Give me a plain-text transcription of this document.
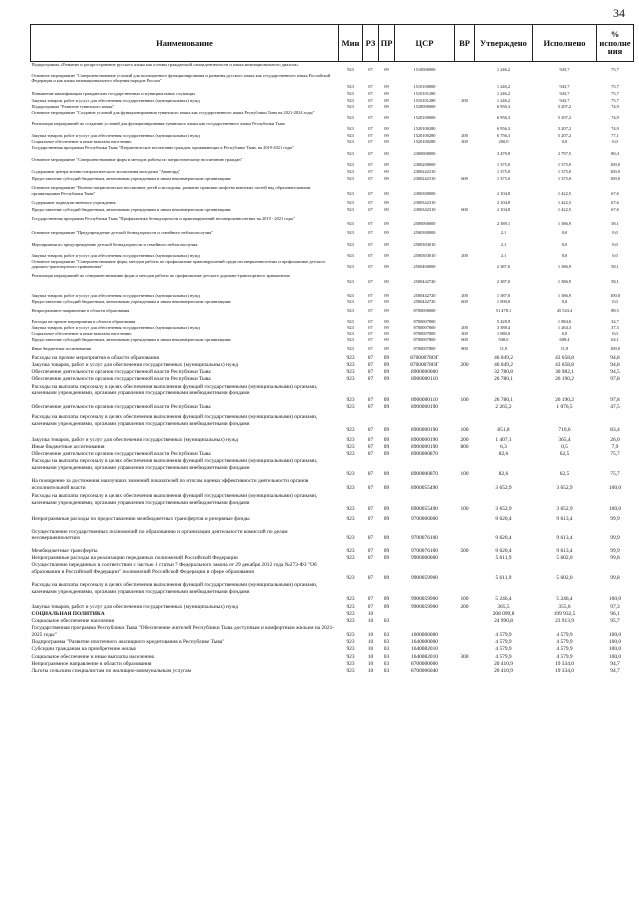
34
Наименование	Мин	РЗ	ПР	ЦСР	ВР	Утверждено	Исполнено	% исполне ния
Подпрограмма «Развитие и распространение русского языка как основы гражданской самоидентичности и языка межнационального диалога»	923	07	09	1510000000		1 246,2	943,7	75,7
Основное мероприятие "Совершенствование условий для полноценного функционирования и развития русского языка как государственного языка Российской Федерации и как языка межнационального общения народов России"	923	07	09	1510100000		1 246,2	943,7	75,7
Повышение квалификации гражданских государственных и муниципальных служащих	923	07	09	1510101280		1 246,2	943,7	75,7
Закупка товаров, работ и услуг для обеспечения государственных (муниципальных) нужд	923	07	09	1510101280	200	1 246,2	943,7	75,7
Подпрограмма "Развитие тувинского языка"	923	07	09	1520000000		6 956,3	5 207,2	74,9
Основное мероприятие "Создание условий для функционирования тувинского языка как государственного языка Республики Тыва на 2021-2024 годы"	923	07	09	1520100000		6 956,3	5 207,2	74,9
Реализация мероприятий по созданию условий для функционирования тувинского языка как государственного языка Республики Тыва	923	07	09	1520100280		6 956,3	5 207,2	74,9
Закупка товаров, работ и услуг для обеспечения государственных (муниципальных) нужд	923	07	09	1520100280	200	6 756,3	5 207,2	77,1
Социальное обеспечение и иные выплаты населению	923	07	09	1520100280	300	200,0	0,0	0,0
Государственная программа Республики Тыва "Патриотическое воспитание граждан, проживающих в Республике Тыва, на 2019-2021 годы"	923	07	09	2300000000		3 479,8	2 797,5	80,4
Основное мероприятие "Совершенствование форм и методов работы по патриотическому воспитанию граждан"	923	07	09	2300200000		1 375,0	1 375,0	100,0
Содержание центра военно-патриотического воспитания молодежи "Авангард"	923	07	09	2300242310		1 375,0	1 375,0	100,0
Предоставление субсидий бюджетным, автономным учреждениям и иным некоммерческим организациям	923	07	09	2300242310	600	1 375,0	1 375,0	100,0
Основное мероприятие "Военно-патриотическое воспитание детей и молодежи, развитие практики шефства воинских частей над образовательными организациями Республики Тыва"	923	07	09	2300300000		2 104,8	1 422,5	67,6
Содержание подведомственного учреждения	923	07	09	2300342310		2 104,8	1 422,5	67,6
Предоставление субсидий бюджетным, автономным учреждениям и иным некоммерческим организациям	923	07	09	2300342310	600	2 104,8	1 422,5	67,6
Государственная программа Республики Тыва "Профилактика безнадзорности и правонарушений несовершеннолетних на 2019 - 2021 годы"	923	07	09	2500000000		2 389,1	1 386,9	58,1
Основное мероприятие "Предупреждение детской безнадзорности и семейного неблагополучия"	923	07	09	2500300000		2,1	0,0	0,0
Мероприятия по предупреждению детской безнадзорности и семейного неблагополучия	923	07	09	2500303010		2,1	0,0	0,0
Закупка товаров, работ и услуг для обеспечения государственных (муниципальных) нужд	923	07	09	2500303010	200	2,1	0,0	0,0
Основное мероприятие "Совершенствование форм, методов работы по профилактике правонарушений среди несовершеннолетних и профилактике детского дорожно-транспортного травматизма"	923	07	09	2500400000		2 387,0	1 386,9	58,1
Реализация мероприятий по совершенствованию форм и методов работы по профилактике детского дорожно-транспортного травматизма	923	07	09	2500442720		2 387,0	1 386,9	58,1
Закупка товаров, работ и услуг для обеспечения государственных (муниципальных) нужд	923	07	09	2500442720	200	1 387,0	1 386,9	100,0
Предоставление субсидий бюджетным, автономным учреждениям и иным некоммерческим организациям	923	07	09	2500442720	600	1 000,0	0,0	0,0
Непрограммное направление в области образования	923	07	09	8700000000		51 478,1	45 543,4	88,5
Расходы на прочие мероприятия в области образования	923	07	09	8700007800		5 428,9	1 884,6	34,7
Закупка товаров, работ и услуг для обеспечения государственных (муниципальных) нужд	923	07	09	8700007800	200	3 388,4	1 264,3	37,3
Социальное обеспечение и иные выплаты населению	923	07	09	8700007800	300	1 080,0	0,0	0,0
Предоставление субсидий бюджетным, автономным учреждениям и иным некоммерческим организациям	923	07	09	8700007800	600	948,6	608,4	64,1
Иные бюджетные ассигнования	923	07	09	8700007800	800	11,9	11,9	100,0
Расходы на прочие мероприятия в области образования	923	07	09	87000078ОГ		46 049,2	43 658,8	94,8
Закупка товаров, работ и услуг для обеспечения государственных (муниципальных) нужд	923	07	09	87000078ОГ	200	46 049,2	43 658,8	94,8
Обеспечение деятельности органов государственной власти Республики Тыва	923	07	09	8900000000		32 780,8	30 982,1	94,5
Обеспечение деятельности органов государственной власти Республики Тыва	923	07	09	8900000110		26 780,1	26 190,2	97,8
Расходы на выплаты персоналу в целях обеспечения выполнения функций государственными (муниципальными) органами, казенными учреждениями, органами управления государственными внебюджетными фондами	923	07	09	8900000110	100	26 780,1	26 190,2	97,8
Обеспечение деятельности органов государственной власти Республики Тыва	923	07	09	8900000190		2 265,2	1 076,5	47,5
Расходы на выплаты персоналу в целях обеспечения выполнения функций государственными (муниципальными) органами, казенными учреждениями, органами управления государственными внебюджетными фондами	923	07	09	8900000190	100	851,8	710,6	83,4
Закупка товаров, работ и услуг для обеспечения государственных (муниципальных) нужд	923	07	09	8900000190	200	1 407,1	365,4	26,0
Иные бюджетные ассигнования	923	07	09	8900000190	800	6,3	0,5	7,9
Обеспечение деятельности органов государственной власти Республики Тыва	923	07	09	8900000870		82,6	62,5	75,7
Расходы на выплаты персоналу в целях обеспечения выполнения функций государственными (муниципальными) органами, казенными учреждениями, органами управления государственными внебюджетными фондами	923	07	09	8900000870	100	82,6	62,5	75,7
На поощрение за достижения наилучших значений показателей по итогам оценки эффективности деятельности органов исполнительной власти	923	07	09	8900055490		3 652,9	3 652,9	100,0
Расходы на выплаты персоналу в целях обеспечения выполнения функций государственными (муниципальными) органами, казенными учреждениями, органами управления государственными внебюджетными фондами	923	07	09	8900055490	100	3 652,9	3 652,9	100,0
Непрограммные расходы по предоставлению межбюджетных трансфертов и резервные фонды	923	07	09	9700000000		9 620,4	9 613,4	99,9
Осуществление государственных полномочий по образованию и организации деятельности комиссий по делам несовершеннолетних	923	07	09	9700076100		9 620,4	9 613,4	99,9
Межбюджетные трансферты	923	07	09	9700076100	500	9 620,4	9 613,4	99,9
Непрограммные расходы на реализацию переданных полномочий Российской Федерации	923	07	09	9900000000		5 611,9	5 602,0	99,8
Осуществление переданных в соответствии с частью 1 статьи 7 Федерального закона от 29 декабря 2012 года №273-ФЗ "Об образовании в Российской Федерации" полномочий Российской Федерации в сфере образования	923	07	09	9900059900		5 611,9	5 602,0	99,8
Расходы на выплаты персоналу в целях обеспечения выполнения функций государственными (муниципальными) органами, казенными учреждениями, органами управления государственными внебюджетными фондами	923	07	09	9900059900	100	5 246,4	5 246,4	100,0
Закупка товаров, работ и услуг для обеспечения государственных (муниципальных) нужд	923	07	09	9900059900	200	365,5	355,6	97,3
СОЦИАЛЬНАЯ ПОЛИТИКА	923	10				208 099,8	199 932,5	96,1
Социальное обеспечение населения	923	10	03			24 990,8	23 913,9	95,7
Государственная программа Республики Тыва "Обеспечение жителей Республики Тыва доступным и комфортным жильем на 2021-2025 годы"	923	10	03	1600000000		4 579,9	4 579,9	100,0
Подпрограмма "Развитие ипотечного жилищного кредитования в Республике Тыва"	923	10	03	1640000000		4 579,9	4 579,9	100,0
Субсидии гражданам на приобретение жилья	923	10	03	1640082010		4 579,9	4 579,9	100,0
Социальное обеспечение и иные выплаты населению	923	10	03	1640082010	300	4 579,9	4 579,9	100,0
Непрограммное направление в области образования	923	10	03	8700000000		20 410,9	19 334,0	94,7
Льготы сельским специалистам по жилищно-коммунальным услугам	923	10	03	8700006040		20 410,9	19 334,0	94,7
